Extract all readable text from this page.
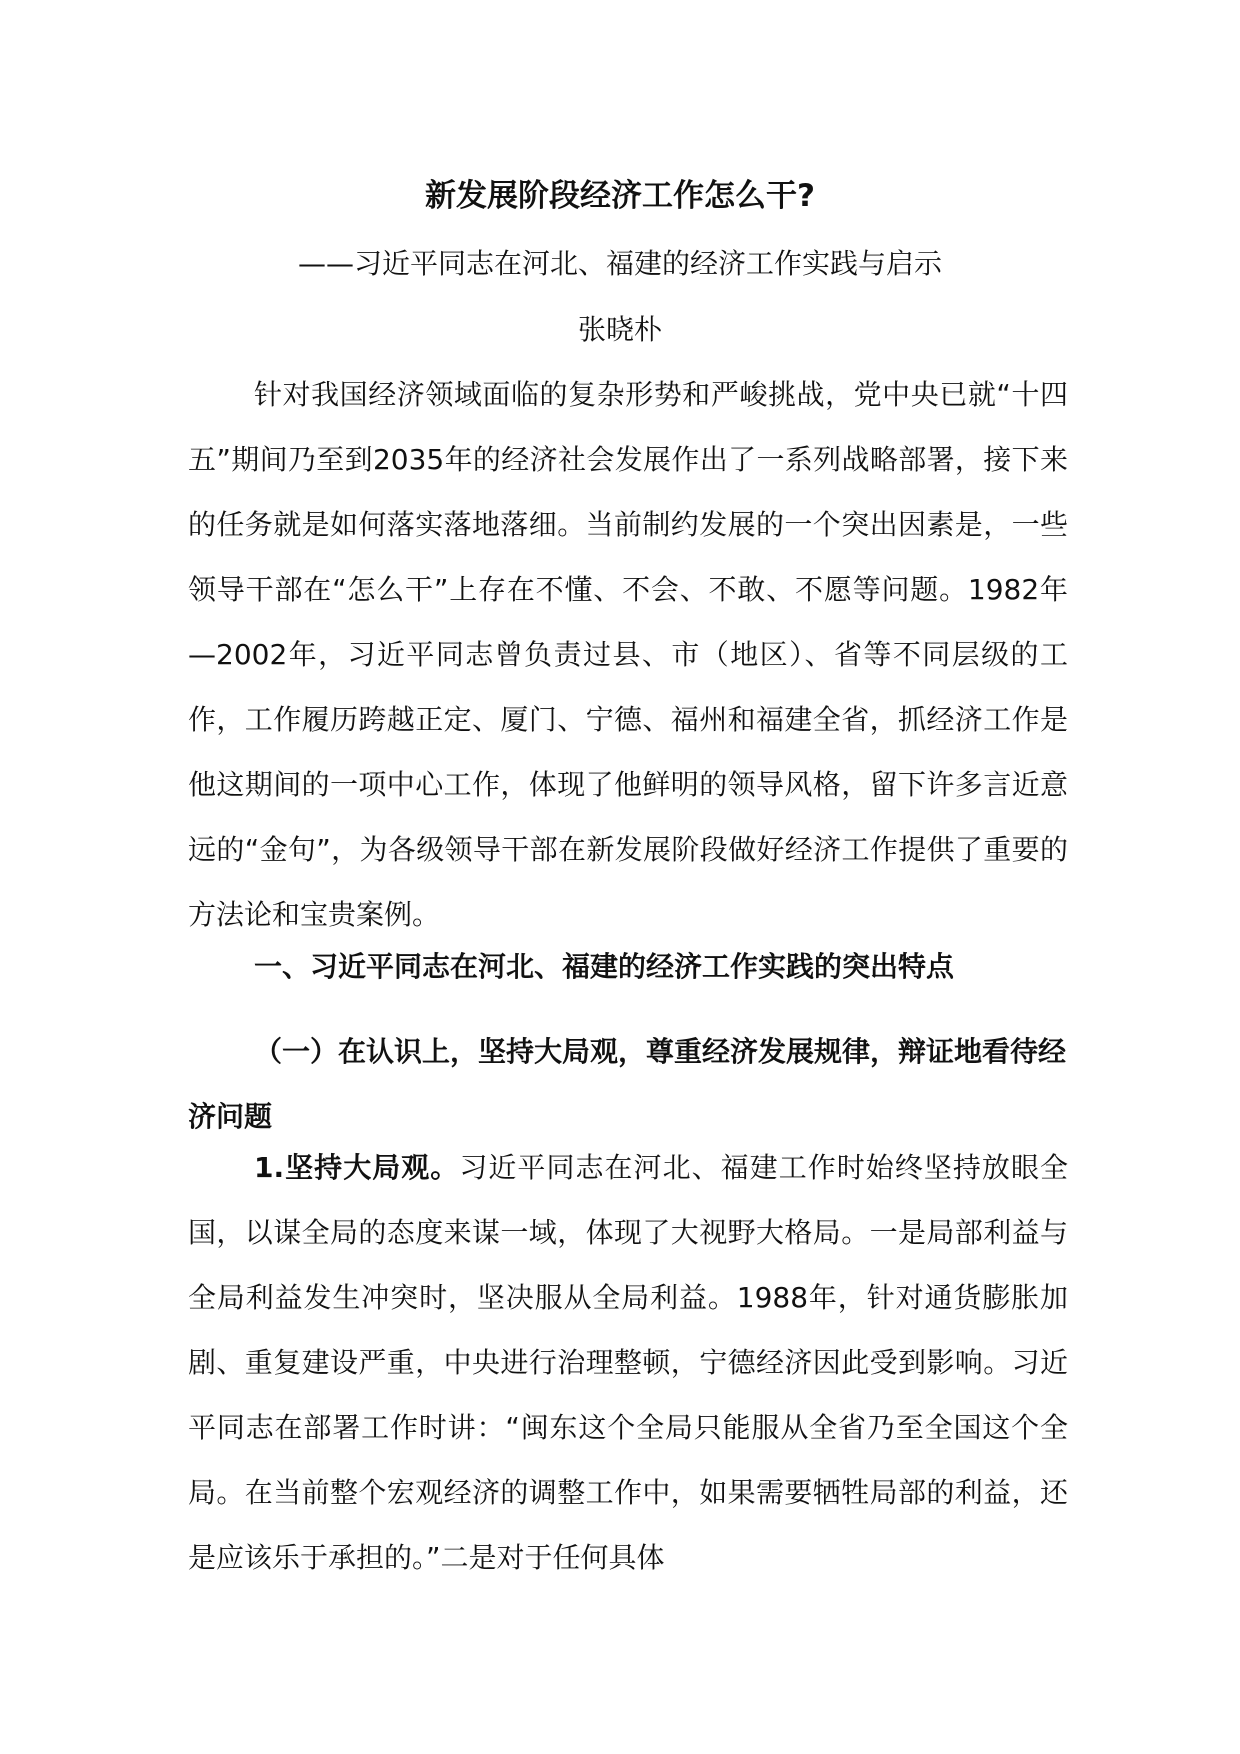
新发展阶段经济工作怎么干?
——习近平同志在河北、福建的经济工作实践与启示
张晓朴
针对我国经济领域面临的复杂形势和严峻挑战，党中央已就“十四五”期间乃至到2035年的经济社会发展作出了一系列战略部署，接下来的任务就是如何落实落地落细。当前制约发展的一个突出因素是，一些领导干部在“怎么干”上存在不懂、不会、不敢、不愿等问题。1982年—2002年，习近平同志曾负责过县、市（地区）、省等不同层级的工作，工作履历跨越正定、厦门、宁德、福州和福建全省，抓经济工作是他这期间的一项中心工作，体现了他鲜明的领导风格，留下许多言近意远的“金句”，为各级领导干部在新发展阶段做好经济工作提供了重要的方法论和宝贵案例。
一、习近平同志在河北、福建的经济工作实践的突出特点
（一）在认识上，坚持大局观，尊重经济发展规律，辩证地看待经济问题
1.坚持大局观。习近平同志在河北、福建工作时始终坚持放眼全国，以谋全局的态度来谋一域，体现了大视野大格局。一是局部利益与全局利益发生冲突时，坚决服从全局利益。1988年，针对通货膨胀加剧、重复建设严重，中央进行治理整顿，宁德经济因此受到影响。习近平同志在部署工作时讲：“闽东这个全局只能服从全省乃至全国这个全局。在当前整个宏观经济的调整工作中，如果需要牺牲局部的利益，还是应该乐于承担的。”二是对于任何具体
